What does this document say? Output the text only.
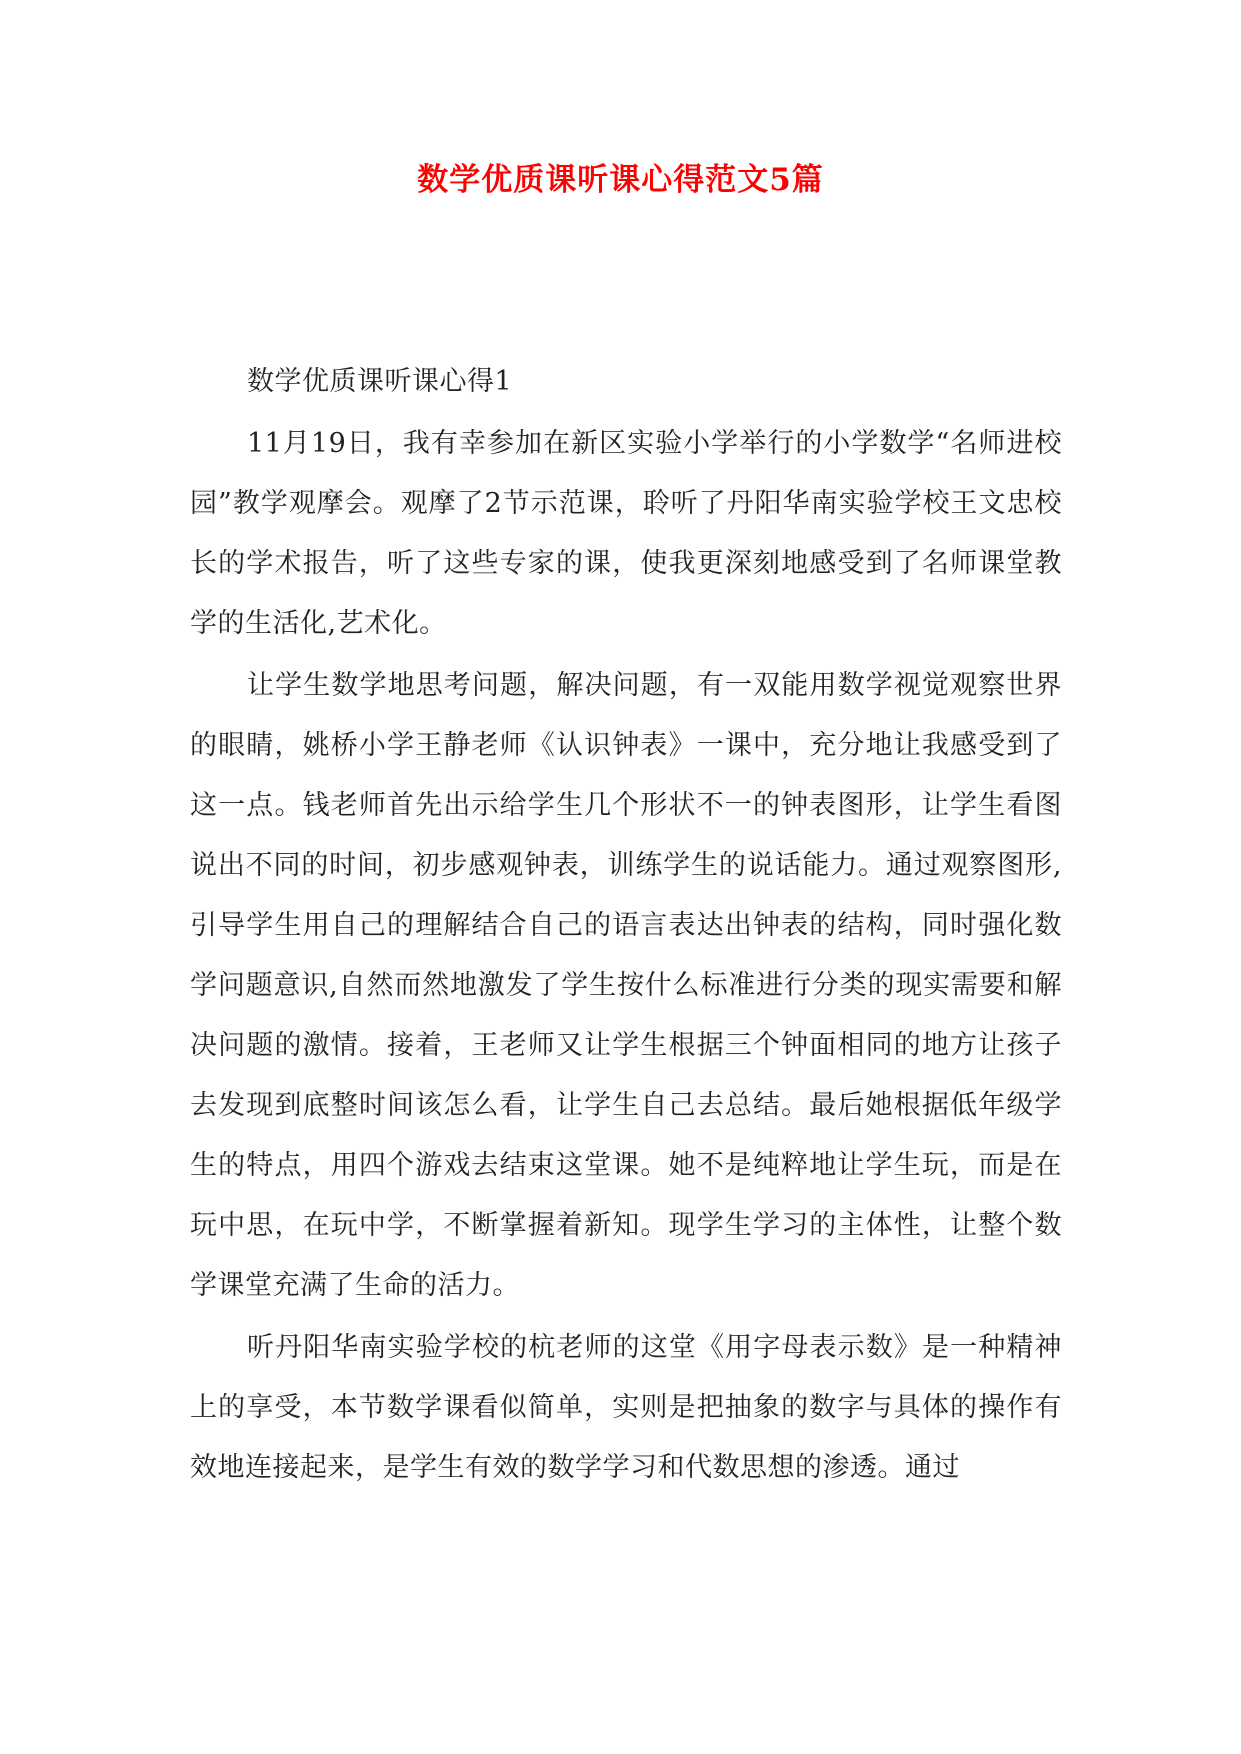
数学优质课听课心得范文5篇

数学优质课听课心得1

11月19日，我有幸参加在新区实验小学举行的小学数学“名师进校园”教学观摩会。观摩了2节示范课，聆听了丹阳华南实验学校王文忠校长的学术报告，听了这些专家的课，使我更深刻地感受到了名师课堂教学的生活化,艺术化。

让学生数学地思考问题，解决问题，有一双能用数学视觉观察世界的眼睛，姚桥小学王静老师《认识钟表》一课中，充分地让我感受到了这一点。钱老师首先出示给学生几个形状不一的钟表图形，让学生看图说出不同的时间，初步感观钟表，训练学生的说话能力。通过观察图形,引导学生用自己的理解结合自己的语言表达出钟表的结构，同时强化数学问题意识,自然而然地激发了学生按什么标准进行分类的现实需要和解决问题的激情。接着，王老师又让学生根据三个钟面相同的地方让孩子去发现到底整时间该怎么看，让学生自己去总结。最后她根据低年级学生的特点，用四个游戏去结束这堂课。她不是纯粹地让学生玩，而是在玩中思，在玩中学，不断掌握着新知。现学生学习的主体性，让整个数学课堂充满了生命的活力。

听丹阳华南实验学校的杭老师的这堂《用字母表示数》是一种精神上的享受，本节数学课看似简单，实则是把抽象的数字与具体的操作有效地连接起来，是学生有效的数学学习和代数思想的渗透。通过
